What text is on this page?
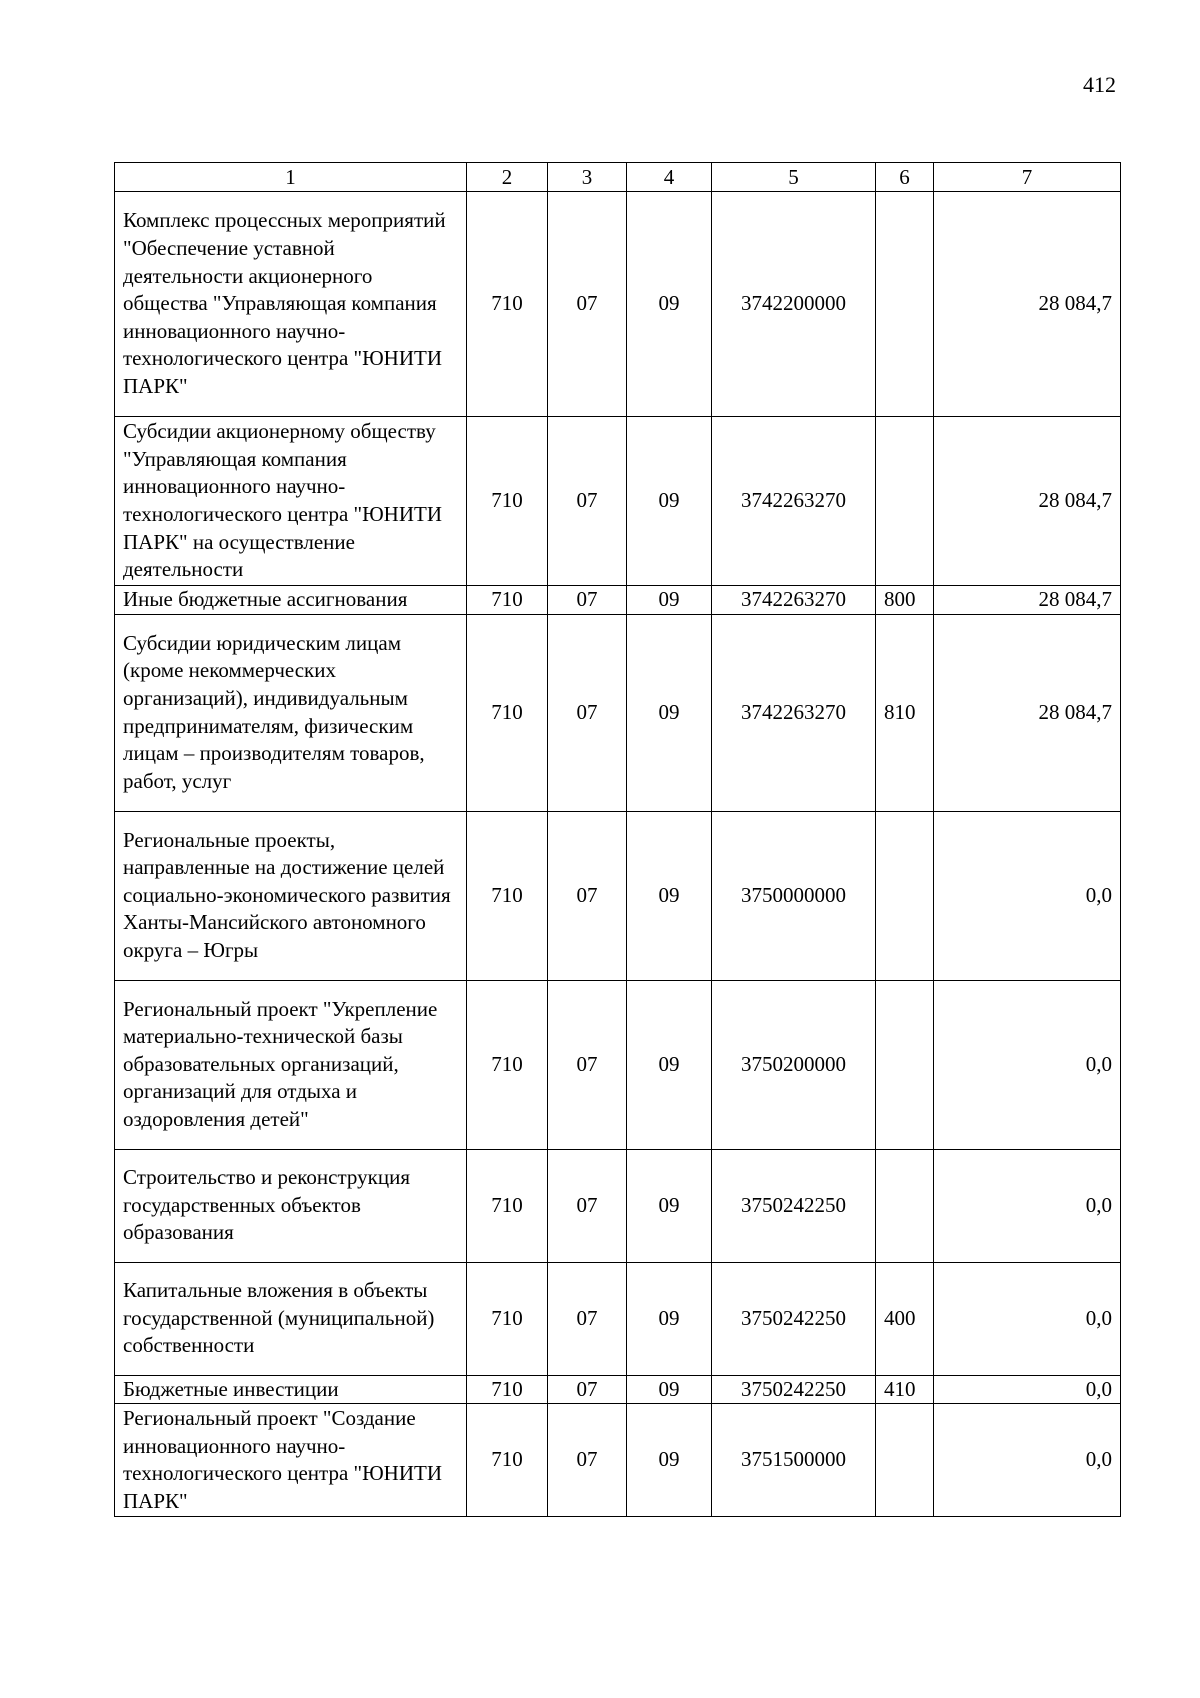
412
1	2	3	4	5	6	7
Комплекс процессных мероприятий "Обеспечение уставной деятельности акционерного общества "Управляющая компания инновационного научно-технологического центра "ЮНИТИ ПАРК"	710	07	09	3742200000		28 084,7
Субсидии акционерному обществу "Управляющая компания инновационного научно-технологического центра "ЮНИТИ ПАРК" на осуществление деятельности	710	07	09	3742263270		28 084,7
Иные бюджетные ассигнования	710	07	09	3742263270	800	28 084,7
Субсидии юридическим лицам (кроме некоммерческих организаций), индивидуальным предпринимателям, физическим лицам – производителям товаров, работ, услуг	710	07	09	3742263270	810	28 084,7
Региональные проекты, направленные на достижение целей социально-экономического развития Ханты-Мансийского автономного округа – Югры	710	07	09	3750000000		0,0
Региональный проект "Укрепление материально-технической базы образовательных организаций, организаций для отдыха и оздоровления детей"	710	07	09	3750200000		0,0
Строительство и реконструкция государственных объектов образования	710	07	09	3750242250		0,0
Капитальные вложения в объекты государственной (муниципальной) собственности	710	07	09	3750242250	400	0,0
Бюджетные инвестиции	710	07	09	3750242250	410	0,0
Региональный проект "Создание инновационного научно-технологического центра "ЮНИТИ ПАРК"	710	07	09	3751500000		0,0
